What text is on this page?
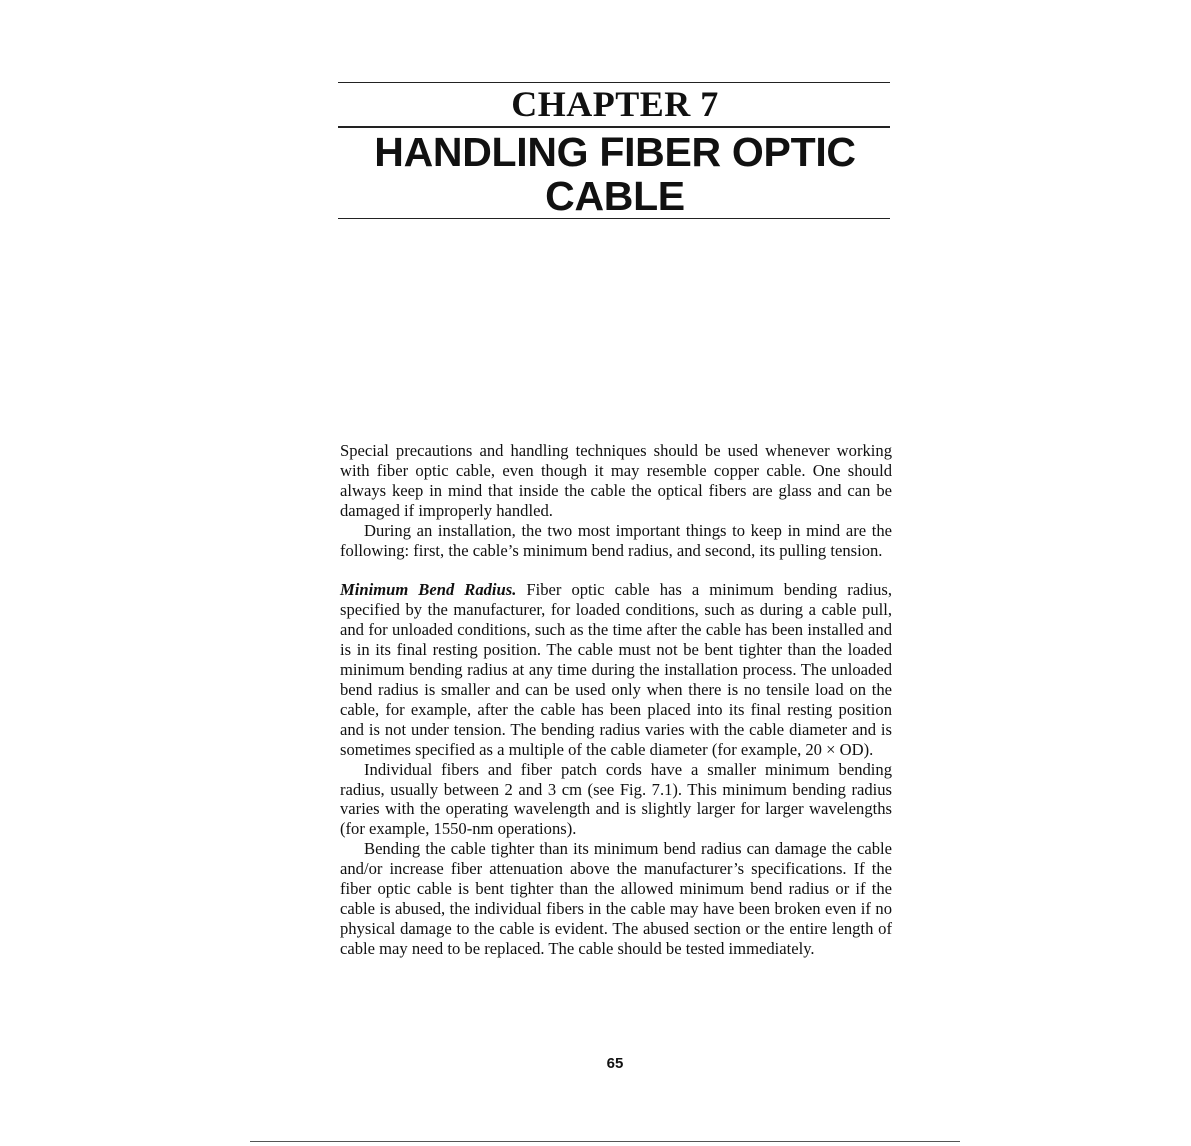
CHAPTER 7
HANDLING FIBER OPTIC
CABLE

Special precautions and handling techniques should be used whenever working with fiber optic cable, even though it may resemble copper cable. One should always keep in mind that inside the cable the optical fibers are glass and can be damaged if improperly handled.

During an installation, the two most important things to keep in mind are the following: first, the cable’s minimum bend radius, and second, its pulling tension.

Minimum Bend Radius. Fiber optic cable has a minimum bending radius, specified by the manufacturer, for loaded conditions, such as during a cable pull, and for unloaded conditions, such as the time after the cable has been installed and is in its final resting position. The cable must not be bent tighter than the loaded minimum bending radius at any time during the installation process. The unloaded bend radius is smaller and can be used only when there is no tensile load on the cable, for example, after the cable has been placed into its final resting position and is not under tension. The bending radius varies with the cable diameter and is sometimes specified as a multiple of the cable diameter (for example, 20 × OD).

Individual fibers and fiber patch cords have a smaller minimum bending radius, usually between 2 and 3 cm (see Fig. 7.1). This minimum bending radius varies with the operating wavelength and is slightly larger for larger wavelengths (for example, 1550-nm operations).

Bending the cable tighter than its minimum bend radius can damage the cable and/or increase fiber attenuation above the manufacturer’s specifications. If the fiber optic cable is bent tighter than the allowed minimum bend radius or if the cable is abused, the individual fibers in the cable may have been broken even if no physical damage to the cable is evident. The abused section or the entire length of cable may need to be replaced. The cable should be tested immediately.

65
